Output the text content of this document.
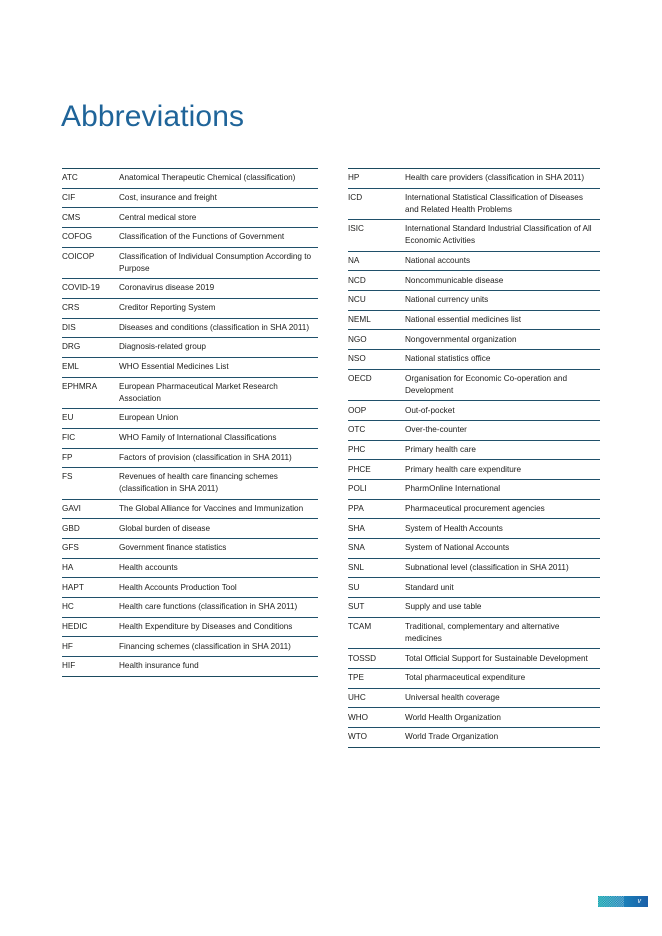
Abbreviations
ATC	Anatomical Therapeutic Chemical (classification)
CIF	Cost, insurance and freight
CMS	Central medical store
COFOG	Classification of the Functions of Government
COICOP	Classification of Individual Consumption According to Purpose
COVID-19	Coronavirus disease 2019
CRS	Creditor Reporting System
DIS	Diseases and conditions (classification in SHA 2011)
DRG	Diagnosis-related group
EML	WHO Essential Medicines List
EPHMRA	European Pharmaceutical Market Research Association
EU	European Union
FIC	WHO Family of International Classifications
FP	Factors of provision (classification in SHA 2011)
FS	Revenues of health care financing schemes (classification in SHA 2011)
GAVI	The Global Alliance for Vaccines and Immunization
GBD	Global burden of disease
GFS	Government finance statistics
HA	Health accounts
HAPT	Health Accounts Production Tool
HC	Health care functions (classification in SHA 2011)
HEDIC	Health Expenditure by Diseases and Conditions
HF	Financing schemes (classification in SHA 2011)
HIF	Health insurance fund

HP	Health care providers (classification in SHA 2011)
ICD	International Statistical Classification of Diseases and Related Health Problems
ISIC	International Standard Industrial Classification of All Economic Activities
NA	National accounts
NCD	Noncommunicable disease
NCU	National currency units
NEML	National essential medicines list
NGO	Nongovernmental organization
NSO	National statistics office
OECD	Organisation for Economic Co-operation and Development
OOP	Out-of-pocket
OTC	Over-the-counter
PHC	Primary health care
PHCE	Primary health care expenditure
POLI	PharmOnline International
PPA	Pharmaceutical procurement agencies
SHA	System of Health Accounts
SNA	System of National Accounts
SNL	Subnational level (classification in SHA 2011)
SU	Standard unit
SUT	Supply and use table
TCAM	Traditional, complementary and alternative medicines
TOSSD	Total Official Support for Sustainable Development
TPE	Total pharmaceutical expenditure
UHC	Universal health coverage
WHO	World Health Organization
WTO	World Trade Organization

v
